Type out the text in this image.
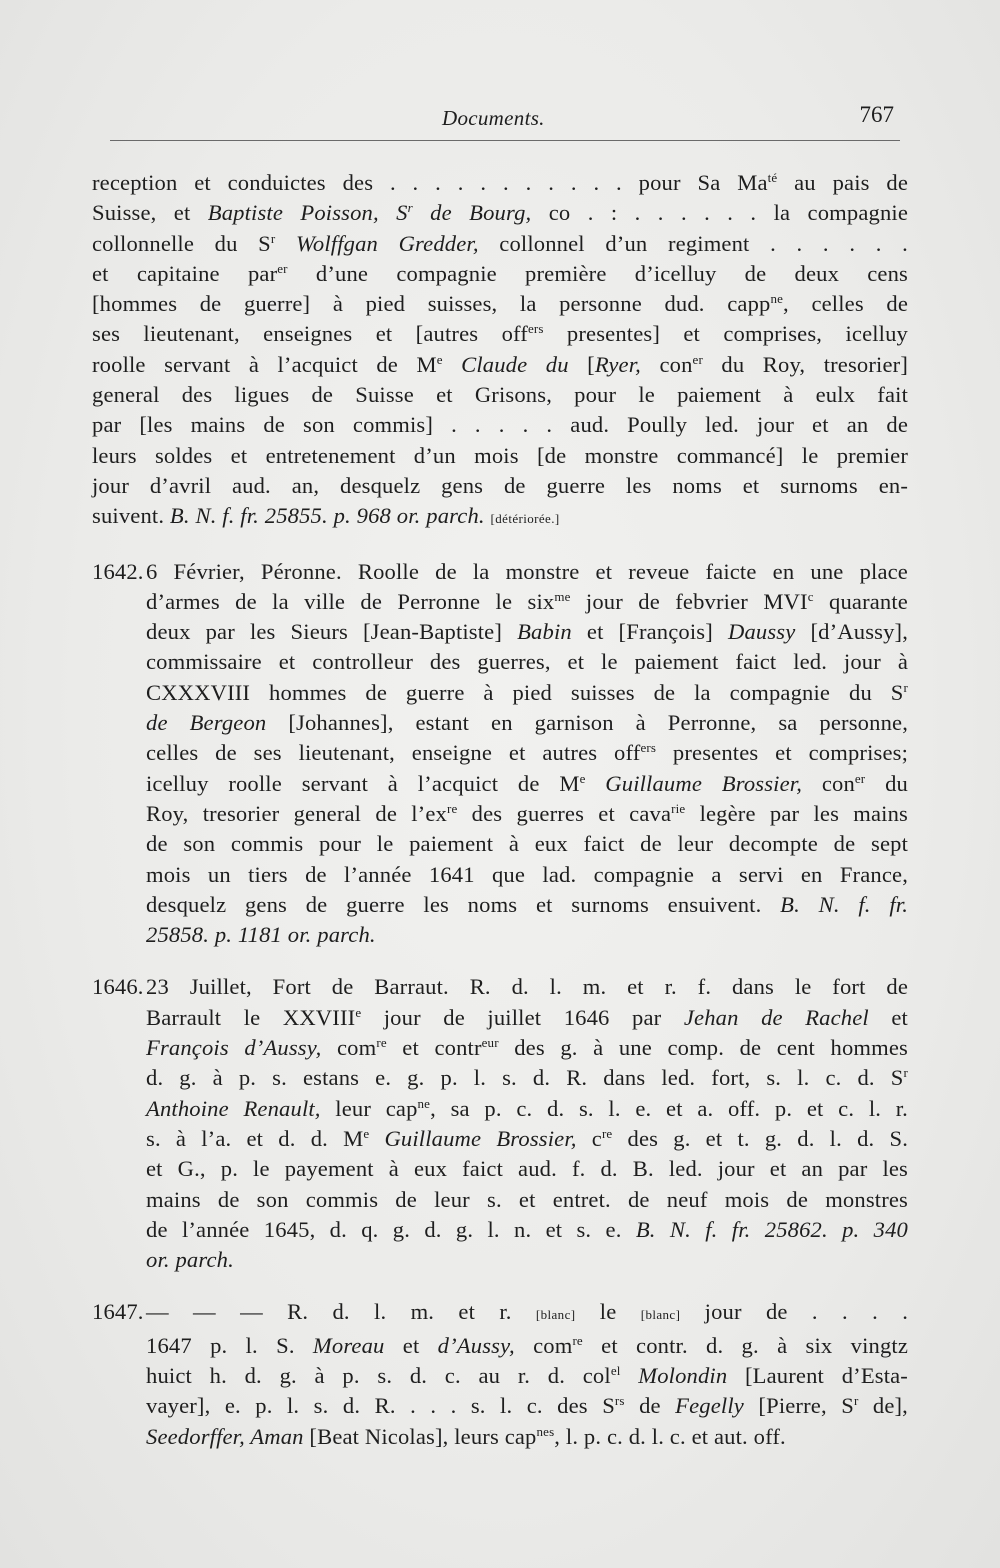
Documents.	767
reception et conduictes des . . . . . . . . . . . pour Sa $Ma^{té}$ au pais de
Suisse, et Baptiste Poisson, $S^r$ de Bourg, co . : . . . . . . la compagnie
collonnelle du $S^r$ Wolffgan Gredder, collonnel d’un regiment . . . . . .
et capitaine par$^{er}$ d’une compagnie première d’icelluy de deux cens
[hommes de guerre] à pied suisses, la personne dud. capp$^{ne}$, celles de
ses lieutenant, enseignes et [autres off$^{ers}$ presentes] et comprises, icelluy
roolle servant à l’acquict de Me Claude du [Ryer, con$^{er}$ du Roy, tresorier]
general des ligues de Suisse et Grisons, pour le paiement à eulx fait
par [les mains de son commis] . . . . . aud. Poully led. jour et an de
leurs soldes et entretenement d’un mois [de monstre commancé] le premier
jour d’avril aud. an, desquelz gens de guerre les noms et surnoms en-
suivent. B. N. f. fr. 25855. p. 968 or. parch. [détériorée.]
1642. 6 Février, Péronne. Roolle de la monstre et reveue faicte en une place
d’armes de la ville de Perronne le six$^{me}$ jour de febvrier MVI$^c$ quarante
deux par les Sieurs [Jean-Baptiste] Babin et [François] Daussy [d’Aussy],
commissaire et controlleur des guerres, et le paiement faict led. jour à
CXXXVIII hommes de guerre à pied suisses de la compagnie du $S^r$
de Bergeon [Johannes], estant en garnison à Perronne, sa personne,
celles de ses lieutenant, enseigne et autres off$^{ers}$ presentes et comprises;
icelluy roolle servant à l’acquict de Me Guillaume Brossier, con$^{er}$ du
Roy, tresorier general de $l’ex^{re}$ des guerres et cava$^{rie}$ legère par les mains
de son commis pour le paiement à eux faict de leur decompte de sept
mois un tiers de l’année 1641 que lad. compagnie a servi en France,
desquelz gens de guerre les noms et surnoms ensuivent. B. N. f. fr.
25858. p. 1181 or. parch.
1646. 23 Juillet, Fort de Barraut. R. d. l. m. et r. f. dans le fort de
Barrault le XXVIIIe jour de juillet 1646 par Jehan de Rachel et
François d’Aussy, com$^{re}$ et contr$^{eur}$ des g. à une comp. de cent hommes
d. g. à p. s. estans e. g. p. l. s. d. R. dans led. fort, s. l. c. d. $S^r$
Anthoine Renault, leur cap$^{ne}$, sa p. c. d. s. l. e. et a. off. p. et c. l. r.
s. à l’a. et d. d. Me Guillaume Brossier, $c^{re}$ des g. et t. g. d. l. d. S.
et G., p. le payement à eux faict aud. f. d. B. led. jour et an par les
mains de son commis de leur s. et entret. de neuf mois de monstres
de l’année 1645, d. q. g. d. g. l. n. et s. e. B. N. f. fr. 25862. p. 340
or. parch.
1647. — — — R. d. l. m. et r. [blanc] le [blanc] jour de . . . .
1647 p. l. S. Moreau et d’Aussy, com$^{re}$ et contr. d. g. à six vingtz
huict h. d. g. à p. s. d. c. au r. d. col$^{el}$ Molondin [Laurent d’Esta-
vayer], e. p. l. s. d. R. . . . s. l. c. des $S^{rs}$ de Fegelly [Pierre, $S^r$ de],
Seedorffer, Aman [Beat Nicolas], leurs cap$^{nes}$, l. p. c. d. l. c. et aut. off.
